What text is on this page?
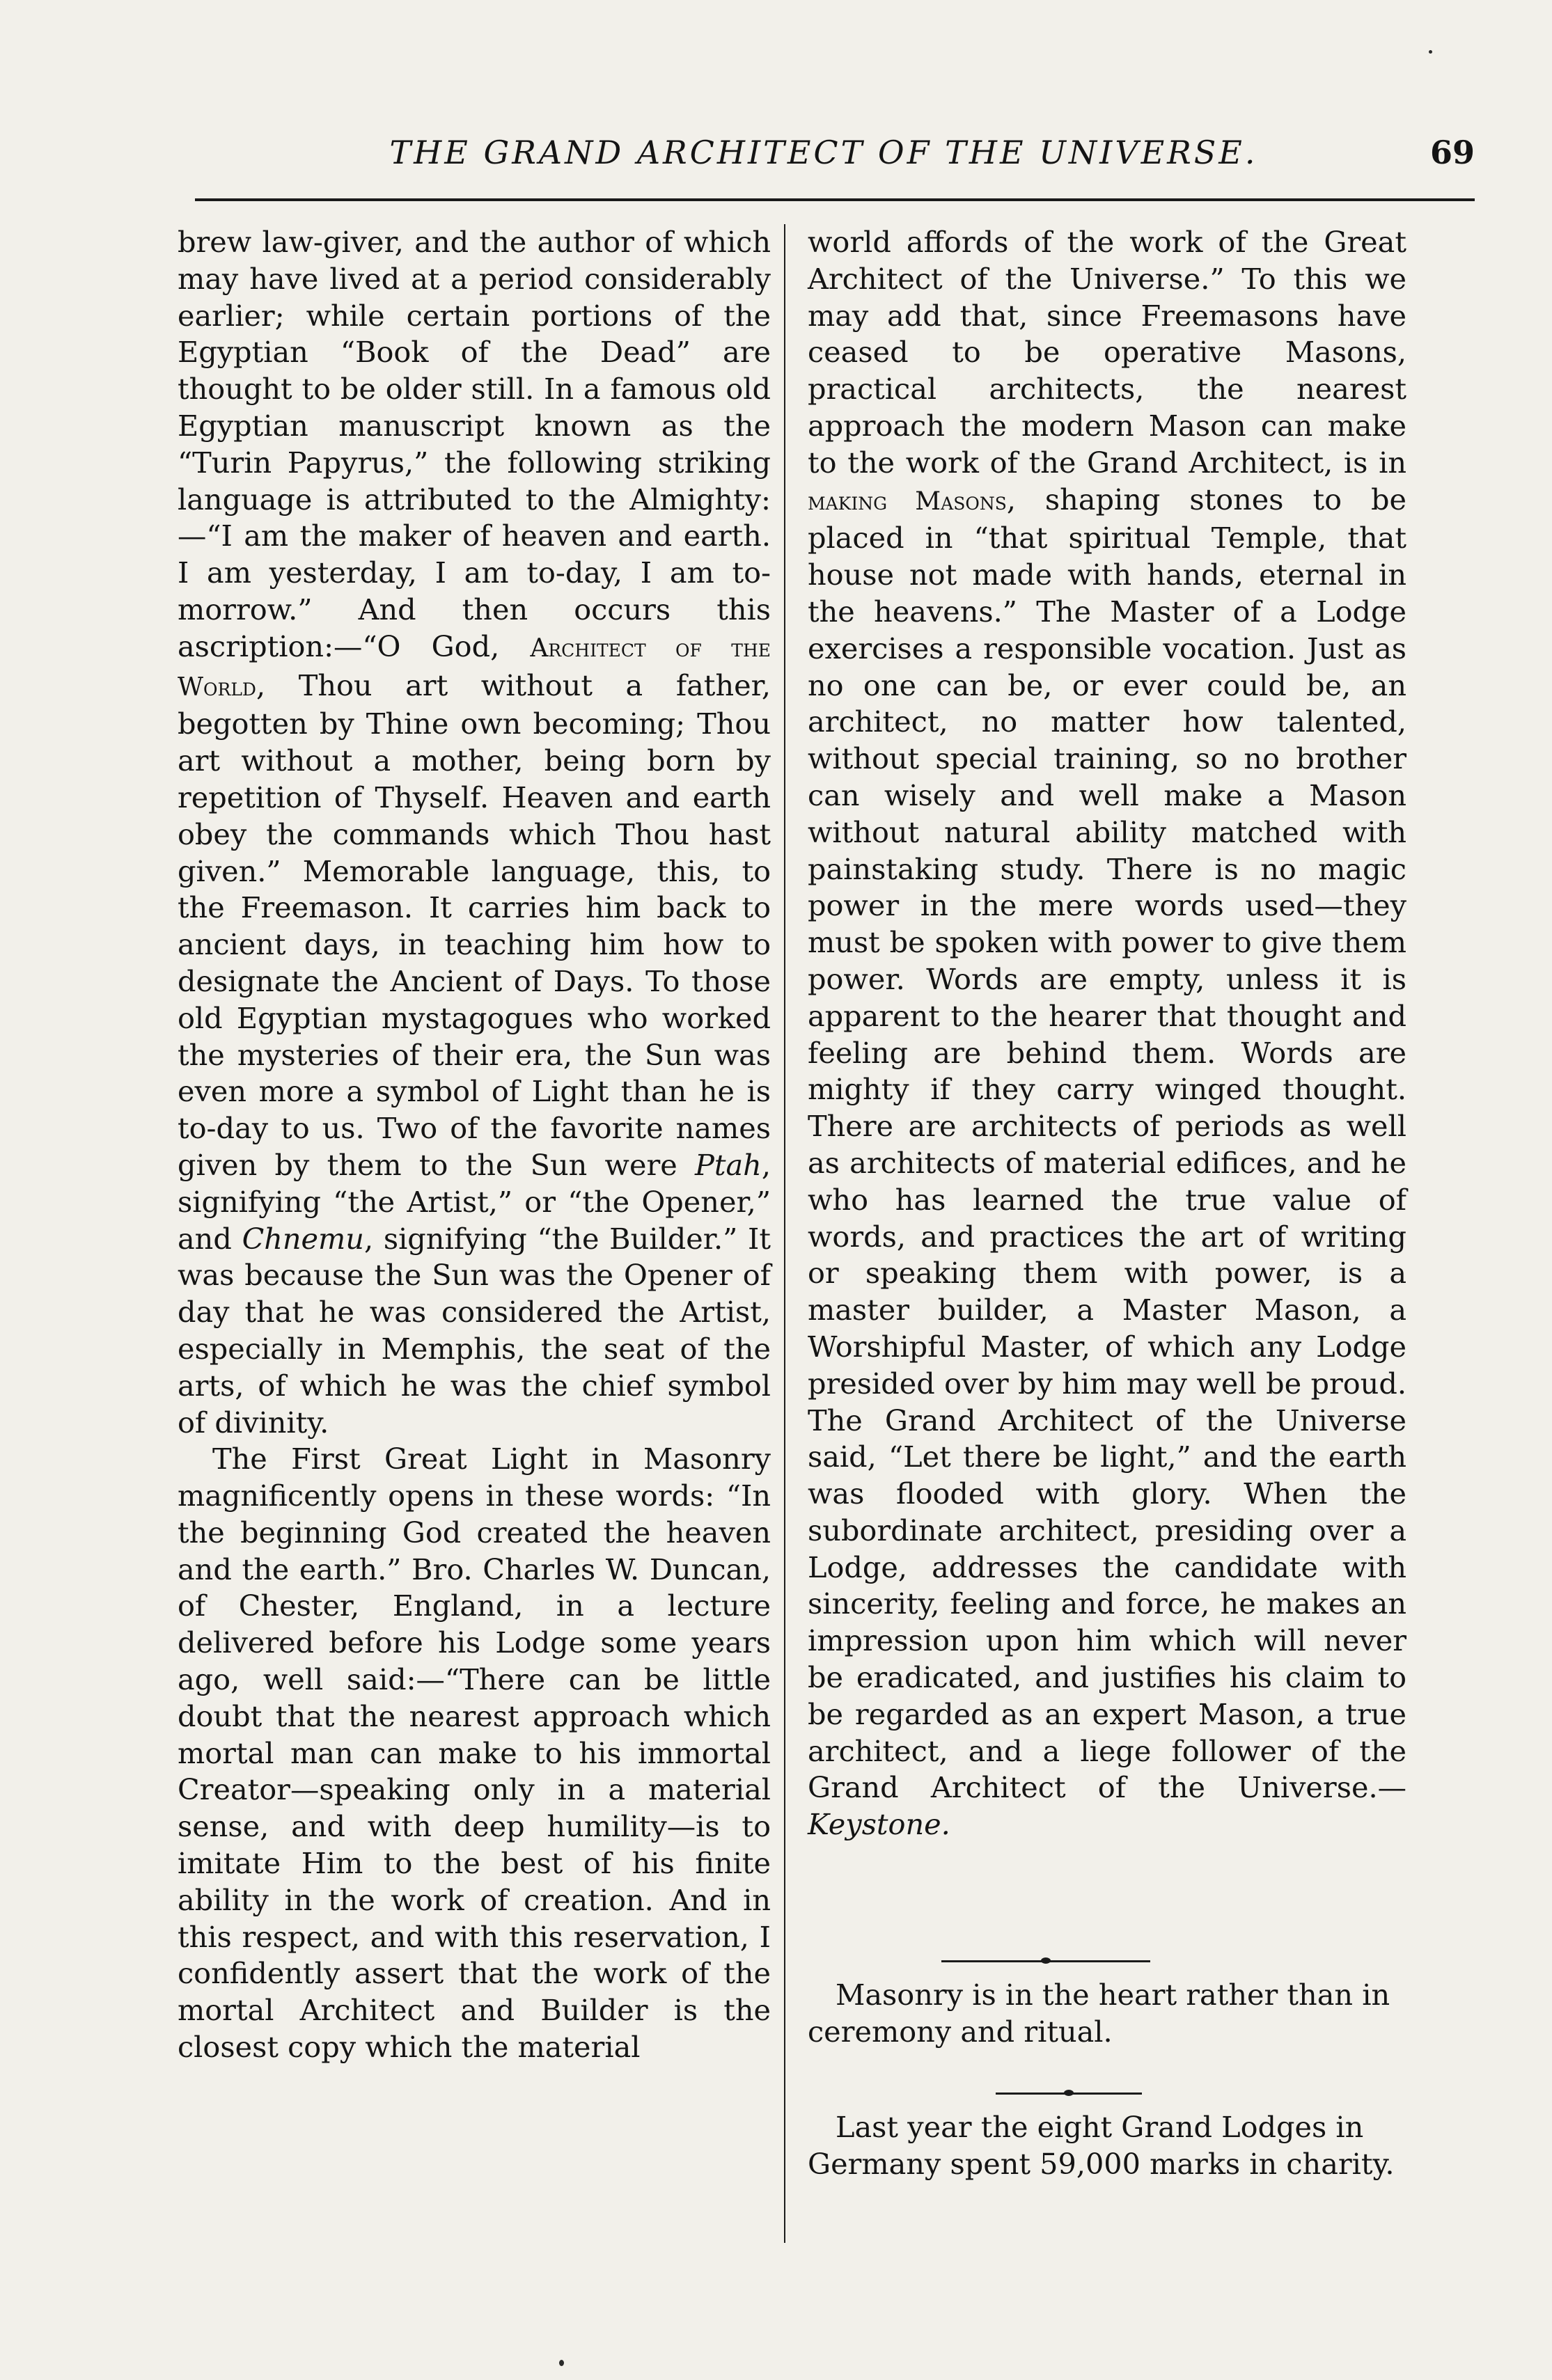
THE GRAND ARCHITECT OF THE UNIVERSE.	69

brew law-giver, and the author of which may have lived at a period considerably earlier; while certain portions of the Egyptian “Book of the Dead” are thought to be older still. In a famous old Egyptian manuscript known as the “Turin Papyrus,” the following striking language is attributed to the Almighty:—“I am the maker of heaven and earth. I am yesterday, I am to-day, I am to-morrow.” And then occurs this ascription:—“O God, Architect of the World, Thou art without a father, begotten by Thine own becoming; Thou art without a mother, being born by repetition of Thyself. Heaven and earth obey the commands which Thou hast given.” Memorable language, this, to the Freemason. It carries him back to ancient days, in teaching him how to designate the Ancient of Days. To those old Egyptian mystagogues who worked the mysteries of their era, the Sun was even more a symbol of Light than he is to-day to us. Two of the favorite names given by them to the Sun were Ptah, signifying “the Artist,” or “the Opener,” and Chnemu, signifying “the Builder.” It was because the Sun was the Opener of day that he was considered the Artist, especially in Memphis, the seat of the arts, of which he was the chief symbol of divinity.

The First Great Light in Masonry magnificently opens in these words: “In the beginning God created the heaven and the earth.” Bro. Charles W. Duncan, of Chester, England, in a lecture delivered before his Lodge some years ago, well said:—“There can be little doubt that the nearest approach which mortal man can make to his immortal Creator—speaking only in a material sense, and with deep humility—is to imitate Him to the best of his finite ability in the work of creation. And in this respect, and with this reservation, I confidently assert that the work of the mortal Architect and Builder is the closest copy which the material

world affords of the work of the Great Architect of the Universe.” To this we may add that, since Freemasons have ceased to be operative Masons, practical architects, the nearest approach the modern Mason can make to the work of the Grand Architect, is in making Masons, shaping stones to be placed in “that spiritual Temple, that house not made with hands, eternal in the heavens.” The Master of a Lodge exercises a responsible vocation. Just as no one can be, or ever could be, an architect, no matter how talented, without special training, so no brother can wisely and well make a Mason without natural ability matched with painstaking study. There is no magic power in the mere words used—they must be spoken with power to give them power. Words are empty, unless it is apparent to the hearer that thought and feeling are behind them. Words are mighty if they carry winged thought. There are architects of periods as well as architects of material edifices, and he who has learned the true value of words, and practices the art of writing or speaking them with power, is a master builder, a Master Mason, a Worshipful Master, of which any Lodge presided over by him may well be proud. The Grand Architect of the Universe said, “Let there be light,” and the earth was flooded with glory. When the subordinate architect, presiding over a Lodge, addresses the candidate with sincerity, feeling and force, he makes an impression upon him which will never be eradicated, and justifies his claim to be regarded as an expert Mason, a true architect, and a liege follower of the Grand Architect of the Universe.—Keystone.

Masonry is in the heart rather than in ceremony and ritual.

Last year the eight Grand Lodges in Germany spent 59,000 marks in charity.
